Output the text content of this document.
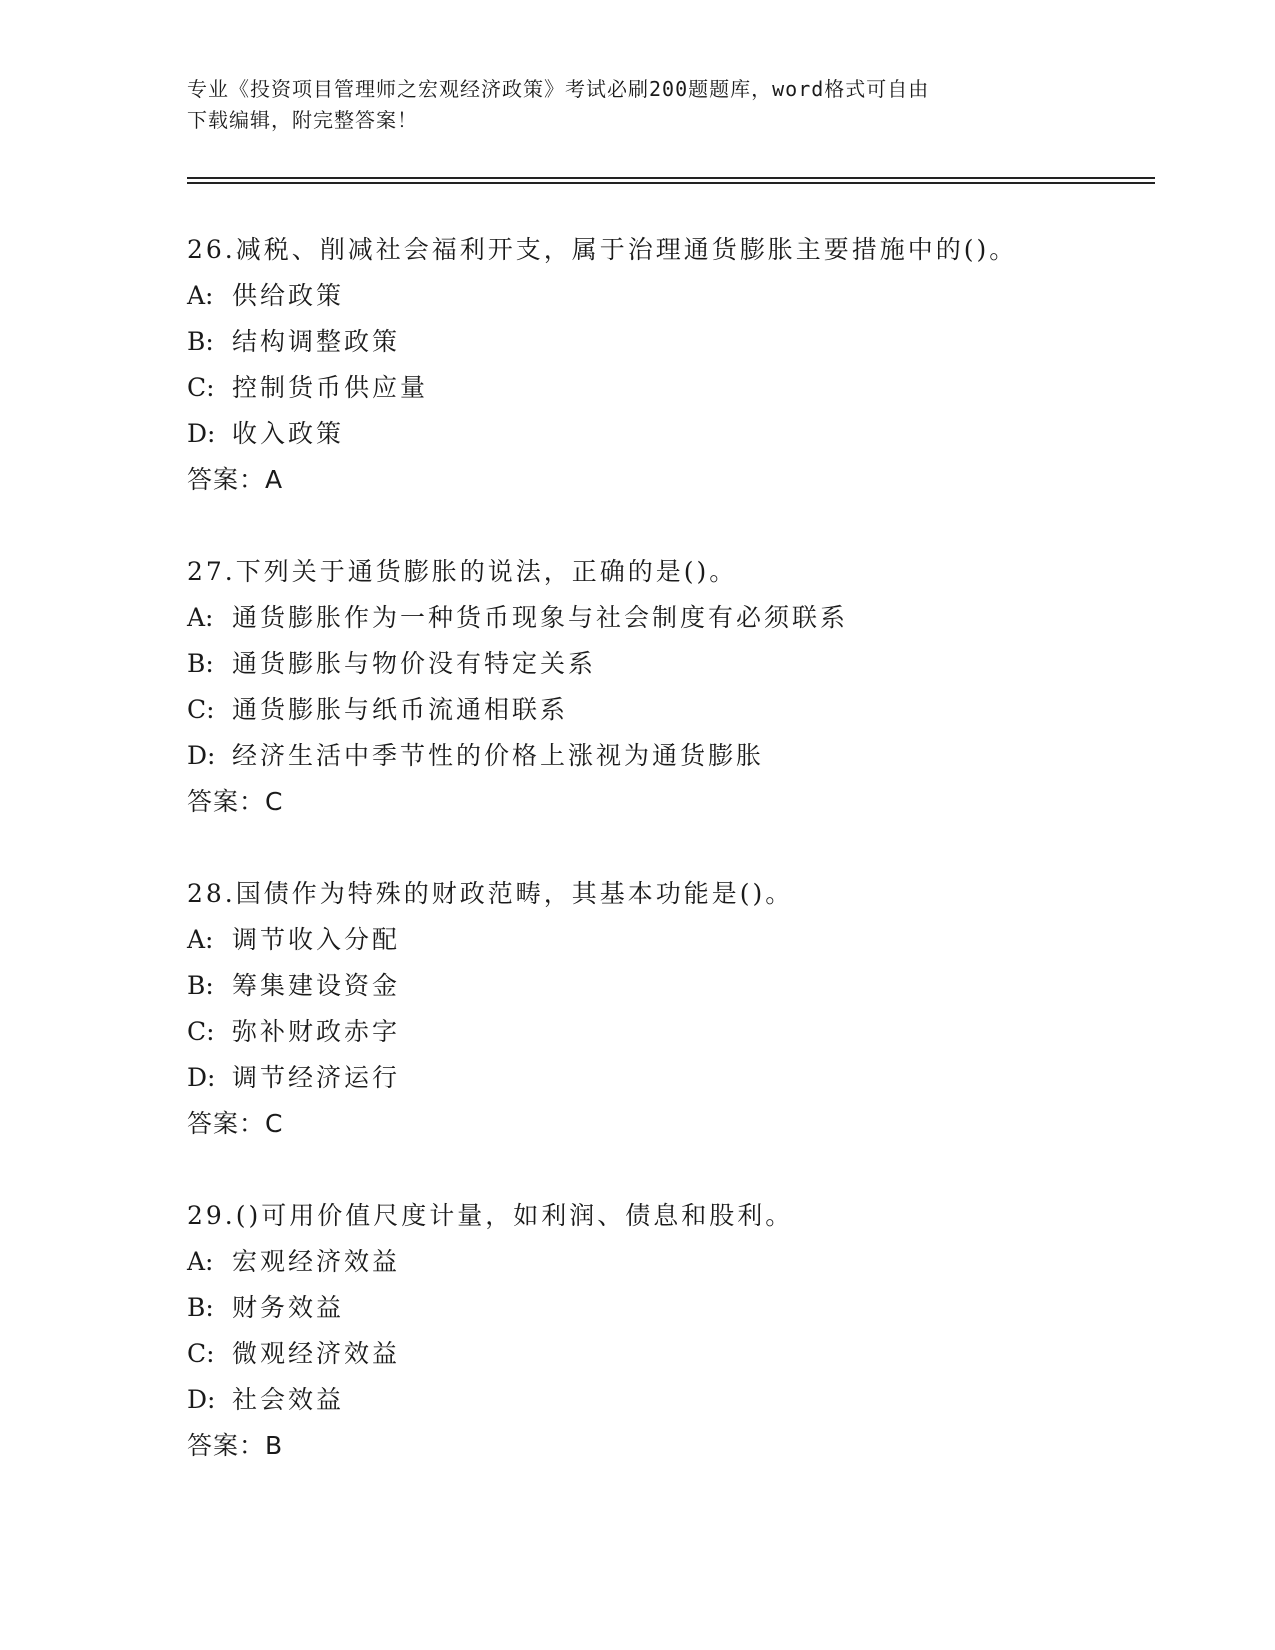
专业《投资项目管理师之宏观经济政策》考试必刷200题题库，word格式可自由
下载编辑，附完整答案！
26.减税、削减社会福利开支，属于治理通货膨胀主要措施中的()。
A: 供给政策
B: 结构调整政策
C: 控制货币供应量
D: 收入政策
答案：A
27.下列关于通货膨胀的说法，正确的是()。
A: 通货膨胀作为一种货币现象与社会制度有必须联系
B: 通货膨胀与物价没有特定关系
C: 通货膨胀与纸币流通相联系
D: 经济生活中季节性的价格上涨视为通货膨胀
答案：C
28.国债作为特殊的财政范畴，其基本功能是()。
A: 调节收入分配
B: 筹集建设资金
C: 弥补财政赤字
D: 调节经济运行
答案：C
29.()可用价值尺度计量，如利润、债息和股利。
A: 宏观经济效益
B: 财务效益
C: 微观经济效益
D: 社会效益
答案：B
